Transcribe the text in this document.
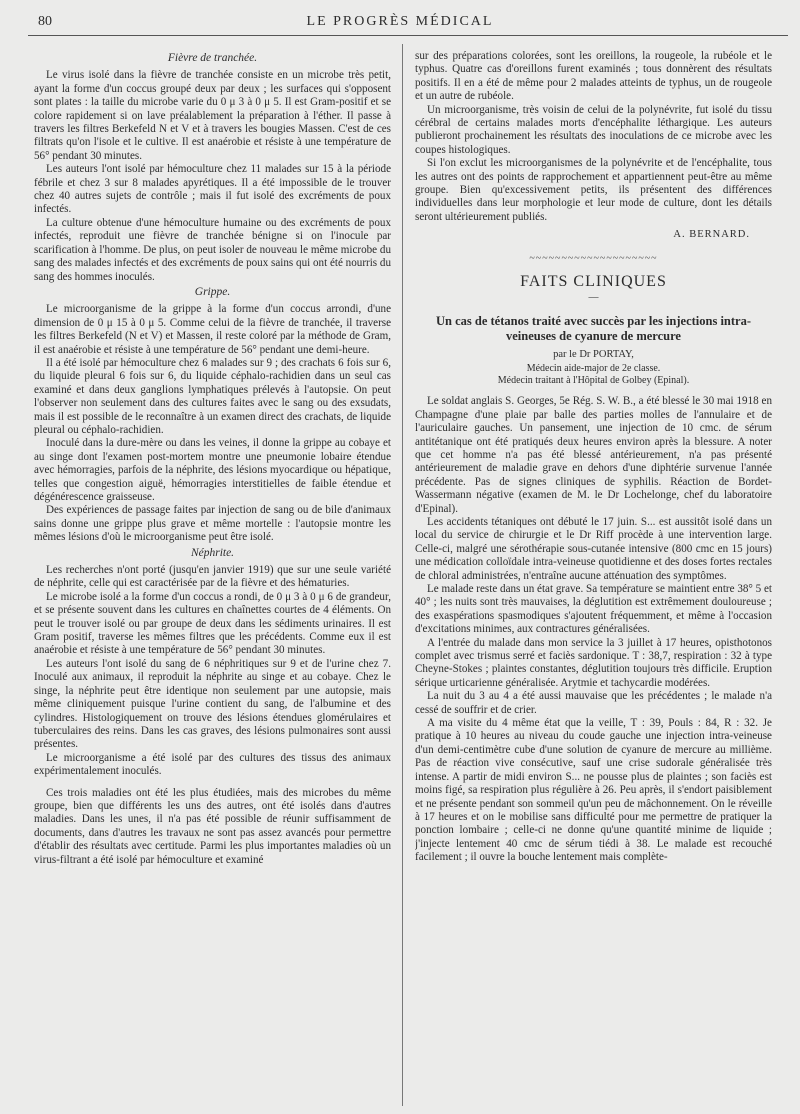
80	LE PROGRÈS MÉDICAL
Fièvre de tranchée.

Le virus isolé dans la fièvre de tranchée consiste en un microbe très petit, ayant la forme d'un coccus groupé deux par deux ; les surfaces qui s'opposent sont plates : la taille du microbe varie du 0 μ 3 à 0 μ 5. Il est Gram-positif et se colore rapidement si on lave préalablement la préparation à l'éther. Il passe à travers les filtres Berkefeld N et V et à travers les bougies Massen. C'est de ces filtrats qu'on l'isole et le cultive. Il est anaérobie et résiste à une température de 56° pendant 30 minutes.

Les auteurs l'ont isolé par hémoculture chez 11 malades sur 15 à la période fébrile et chez 3 sur 8 malades apyrétiques. Il a été impossible de le trouver chez 40 autres sujets de contrôle ; mais il fut isolé des excréments de poux infectés.

La culture obtenue d'une hémoculture humaine ou des excréments de poux infectés, reproduit une fièvre de tranchée bénigne si on l'inocule par scarification à l'homme. De plus, on peut isoler de nouveau le même microbe du sang des malades infectés et des excréments de poux sains qui ont été nourris du sang des hommes inoculés.

Grippe.

Le microorganisme de la grippe à la forme d'un coccus arrondi, d'une dimension de 0 μ 15 à 0 μ 5. Comme celui de la fièvre de tranchée, il traverse les filtres Berkefeld (N et V) et Massen, il reste coloré par la méthode de Gram, il est anaérobie et résiste à une température de 56° pendant une demi-heure.

Il a été isolé par hémoculture chez 6 malades sur 9 ; des crachats 6 fois sur 6, du liquide pleural 6 fois sur 6, du liquide céphalo-rachidien dans un seul cas examiné et dans deux ganglions lymphatiques prélevés à l'autopsie. On peut l'observer non seulement dans des cultures faites avec le sang ou des exsudats, mais il est possible de le reconnaître à un examen direct des crachats, de liquide pleural ou céphalo-rachidien.

Inoculé dans la dure-mère ou dans les veines, il donne la grippe au cobaye et au singe dont l'examen post-mortem montre une pneumonie lobaire étendue avec hémorragies, parfois de la néphrite, des lésions myocardique ou hépatique, telles que congestion aiguë, hémorragies interstitielles de faible étendue et dégénérescence graisseuse.

Des expériences de passage faites par injection de sang ou de bile d'animaux sains donne une grippe plus grave et même mortelle : l'autopsie montre les mêmes lésions d'où le microorganisme peut être isolé.

Néphrite.

Les recherches n'ont porté (jusqu'en janvier 1919) que sur une seule variété de néphrite, celle qui est caractérisée par de la fièvre et des hématuries.

Le microbe isolé a la forme d'un coccus a rondi, de 0 μ 3 à 0 μ 6 de grandeur, et se présente souvent dans les cultures en chaînettes courtes de 4 éléments. On peut le trouver isolé ou par groupe de deux dans les sédiments urinaires. Il est Gram positif, traverse les mêmes filtres que les précédents. Comme eux il est anaérobie et résiste à une température de 56° pendant 30 minutes.

Les auteurs l'ont isolé du sang de 6 néphritiques sur 9 et de l'urine chez 7. Inoculé aux animaux, il reproduit la néphrite au singe et au cobaye. Chez le singe, la néphrite peut être identique non seulement par une autopsie, mais même cliniquement puisque l'urine contient du sang, de l'albumine et des cylindres. Histologiquement on trouve des lésions étendues glomérulaires et tuberculaires des reins. Dans les cas graves, des lésions pulmonaires sont aussi présentes.

Le microorganisme a été isolé par des cultures des tissus des animaux expérimentalement inoculés.

Ces trois maladies ont été les plus étudiées, mais des microbes du même groupe, bien que différents les uns des autres, ont été isolés dans d'autres maladies. Dans les unes, il n'a pas été possible de réunir suffisamment de documents, dans d'autres les travaux ne sont pas assez avancés pour permettre d'établir des résultats avec certitude. Parmi les plus importantes maladies où un virus-filtrant a été isolé par hémoculture et examiné

sur des préparations colorées, sont les oreillons, la rougeole, la rubéole et le typhus. Quatre cas d'oreillons furent examinés ; tous donnèrent des résultats positifs. Il en a été de même pour 2 malades atteints de typhus, un de rougeole et un autre de rubéole.

Un microorganisme, très voisin de celui de la polynévrite, fut isolé du tissu cérébral de certains malades morts d'encéphalite léthargique. Les auteurs publieront prochainement les résultats des inoculations de ce microbe avec les coupes histologiques.

Si l'on exclut les microorganismes de la polynévrite et de l'encéphalite, tous les autres ont des points de rapprochement et appartiennent peut-être au même groupe. Bien qu'excessivement petits, ils présentent des différences individuelles dans leur morphologie et leur mode de culture, dont les détails seront ultérieurement publiés.

A. BERNARD.
~~~~~~~~~~~~~~~~~~~~
FAITS CLINIQUES
—
Un cas de tétanos traité avec succès par les injections intra-veineuses de cyanure de mercure
par le Dr PORTAY,
Médecin aide-major de 2e classe.
Médecin traitant à l'Hôpital de Golbey (Epinal).

Le soldat anglais S. Georges, 5e Rég. S. W. B., a été blessé le 30 mai 1918 en Champagne d'une plaie par balle des parties molles de l'annulaire et de l'auriculaire gauches. Un pansement, une injection de 10 cmc. de sérum antitétanique ont été pratiqués deux heures environ après la blessure. A noter que cet homme n'a pas été blessé antérieurement, n'a pas présenté antérieurement de maladie grave en dehors d'une diphtérie survenue l'année précédente. Pas de signes cliniques de syphilis. Réaction de Bordet-Wassermann négative (examen de M. le Dr Lochelonge, chef du laboratoire d'Epinal).

Les accidents tétaniques ont débuté le 17 juin. S... est aussitôt isolé dans un local du service de chirurgie et le Dr Riff procède à une intervention large. Celle-ci, malgré une sérothérapie sous-cutanée intensive (800 cmc en 15 jours) une médication colloïdale intra-veineuse quotidienne et des doses fortes rectales de chloral administrées, n'entraîne aucune atténuation des symptômes.

Le malade reste dans un état grave. Sa température se maintient entre 38° 5 et 40° ; les nuits sont très mauvaises, la déglutition est extrêmement douloureuse ; des exaspérations spasmodiques s'ajoutent fréquemment, et même à l'occasion d'excitations minimes, aux contractures généralisées.

A l'entrée du malade dans mon service la 3 juillet à 17 heures, opisthotonos complet avec trismus serré et faciès sardonique. T : 38,7, respiration : 32 à type Cheyne-Stokes ; plaintes constantes, déglutition toujours très difficile. Eruption sérique urticarienne généralisée. Arytmie et tachycardie modérées.

La nuit du 3 au 4 a été aussi mauvaise que les précédentes ; le malade n'a cessé de souffrir et de crier.

A ma visite du 4 même état que la veille, T : 39, Pouls : 84, R : 32. Je pratique à 10 heures au niveau du coude gauche une injection intra-veineuse d'un demi-centimètre cube d'une solution de cyanure de mercure au millième. Pas de réaction vive consécutive, sauf une crise sudorale généralisée très intense. A partir de midi environ S... ne pousse plus de plaintes ; son faciès est moins figé, sa respiration plus régulière à 26. Peu après, il s'endort paisiblement et ne présente pendant son sommeil qu'un peu de mâchonnement. On le réveille à 17 heures et on le mobilise sans difficulté pour me permettre de pratiquer la ponction lombaire ; celle-ci ne donne qu'une quantité minime de liquide ; j'injecte lentement 40 cmc de sérum tiédi à 38. Le malade est recouché facilement ; il ouvre la bouche lentement mais complète-
